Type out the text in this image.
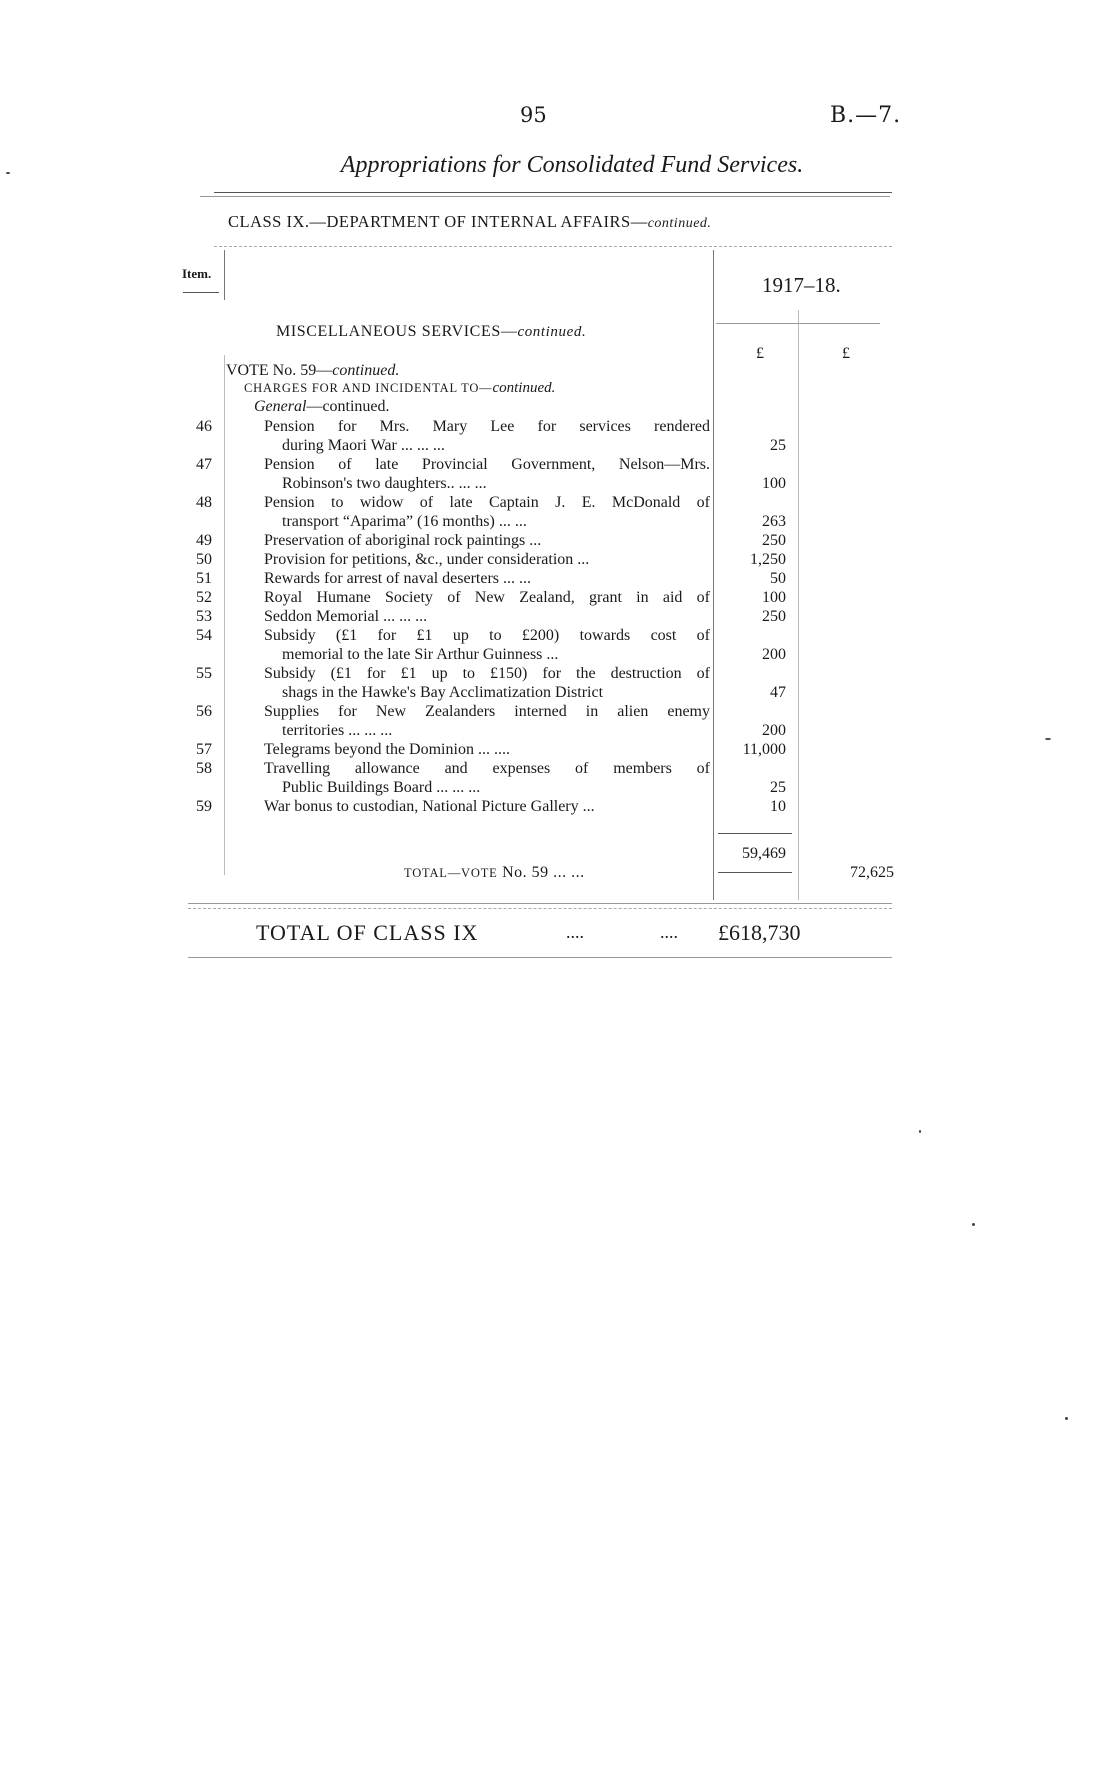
95	B.—7.
Appropriations for Consolidated Fund Services.
CLASS IX.—DEPARTMENT OF INTERNAL AFFAIRS—continued.
Item.	1917–18.
MISCELLANEOUS SERVICES—continued.
£	£
VOTE No. 59—continued.
CHARGES FOR AND INCIDENTAL TO—continued.
General—continued.
46	Pension for Mrs. Mary Lee for services rendered
during Maori War ... ... ...	25
47	Pension of late Provincial Government, Nelson—Mrs.
Robinson's two daughters.. ... ...	100
48	Pension to widow of late Captain J. E. McDonald of
transport “Aparima” (16 months) ... ...	263
49	Preservation of aboriginal rock paintings ...	250
50	Provision for petitions, &c., under consideration ...	1,250
51	Rewards for arrest of naval deserters ... ...	50
52	Royal Humane Society of New Zealand, grant in aid of	100
53	Seddon Memorial ... ... ...	250
54	Subsidy (£1 for £1 up to £200) towards cost of
memorial to the late Sir Arthur Guinness ...	200
55	Subsidy (£1 for £1 up to £150) for the destruction of
shags in the Hawke's Bay Acclimatization District	47
56	Supplies for New Zealanders interned in alien enemy
territories ... ... ...	200
57	Telegrams beyond the Dominion ... ....	11,000
58	Travelling allowance and expenses of members of
Public Buildings Board ... ... ...	25
59	War bonus to custodian, National Picture Gallery ...	10
59,469
TOTAL—VOTE No. 59 ... ...	72,625
TOTAL OF CLASS IX	....	.... £618,730
